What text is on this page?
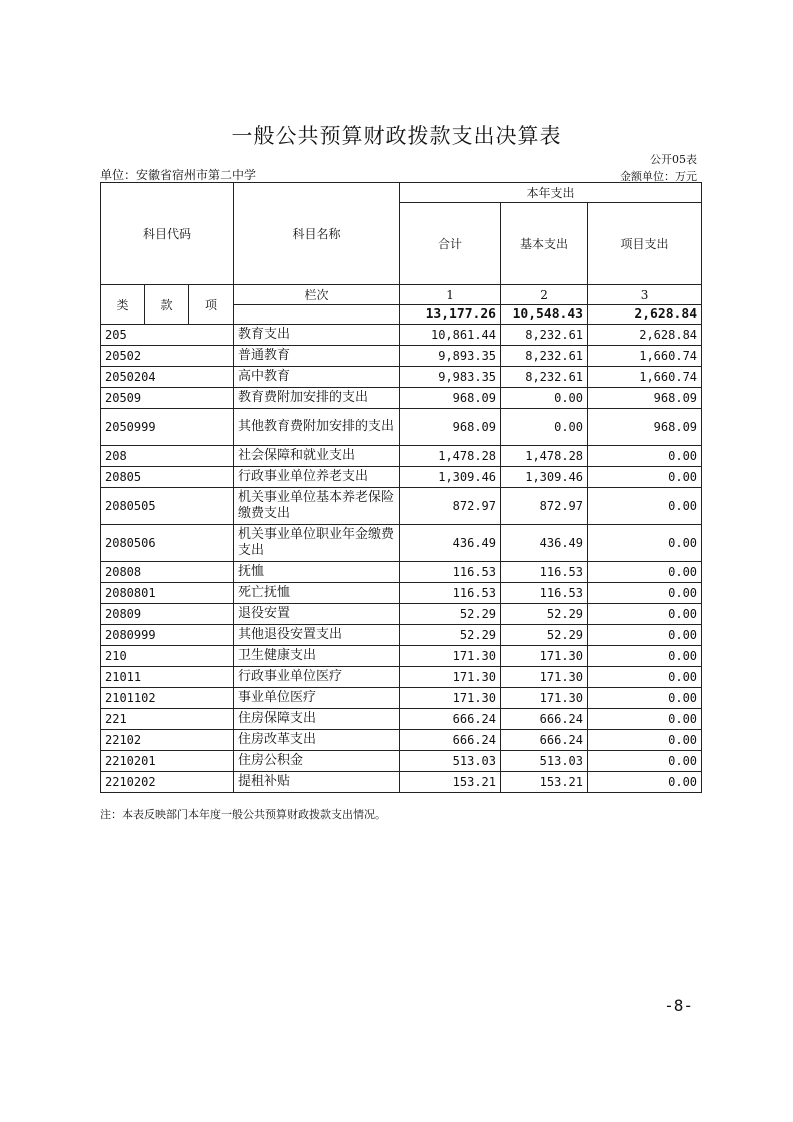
一般公共预算财政拨款支出决算表
公开05表
单位：安徽省宿州市第二中学	金额单位：万元
科目代码			科目名称	本年支出		
				合计	基本支出	项目支出
类	款	项	栏次	1	2	3
				13,177.26	10,548.43	2,628.84
205			教育支出	10,861.44	8,232.61	2,628.84
20502			普通教育	9,893.35	8,232.61	1,660.74
2050204			高中教育	9,983.35	8,232.61	1,660.74
20509			教育费附加安排的支出	968.09	0.00	968.09
2050999			其他教育费附加安排的支出	968.09	0.00	968.09
208			社会保障和就业支出	1,478.28	1,478.28	0.00
20805			行政事业单位养老支出	1,309.46	1,309.46	0.00
2080505			机关事业单位基本养老保险缴费支出	872.97	872.97	0.00
2080506			机关事业单位职业年金缴费支出	436.49	436.49	0.00
20808			抚恤	116.53	116.53	0.00
2080801			死亡抚恤	116.53	116.53	0.00
20809			退役安置	52.29	52.29	0.00
2080999			其他退役安置支出	52.29	52.29	0.00
210			卫生健康支出	171.30	171.30	0.00
21011			行政事业单位医疗	171.30	171.30	0.00
2101102			事业单位医疗	171.30	171.30	0.00
221			住房保障支出	666.24	666.24	0.00
22102			住房改革支出	666.24	666.24	0.00
2210201			住房公积金	513.03	513.03	0.00
2210202			提租补贴	153.21	153.21	0.00
注：本表反映部门本年度一般公共预算财政拨款支出情况。
-8-
